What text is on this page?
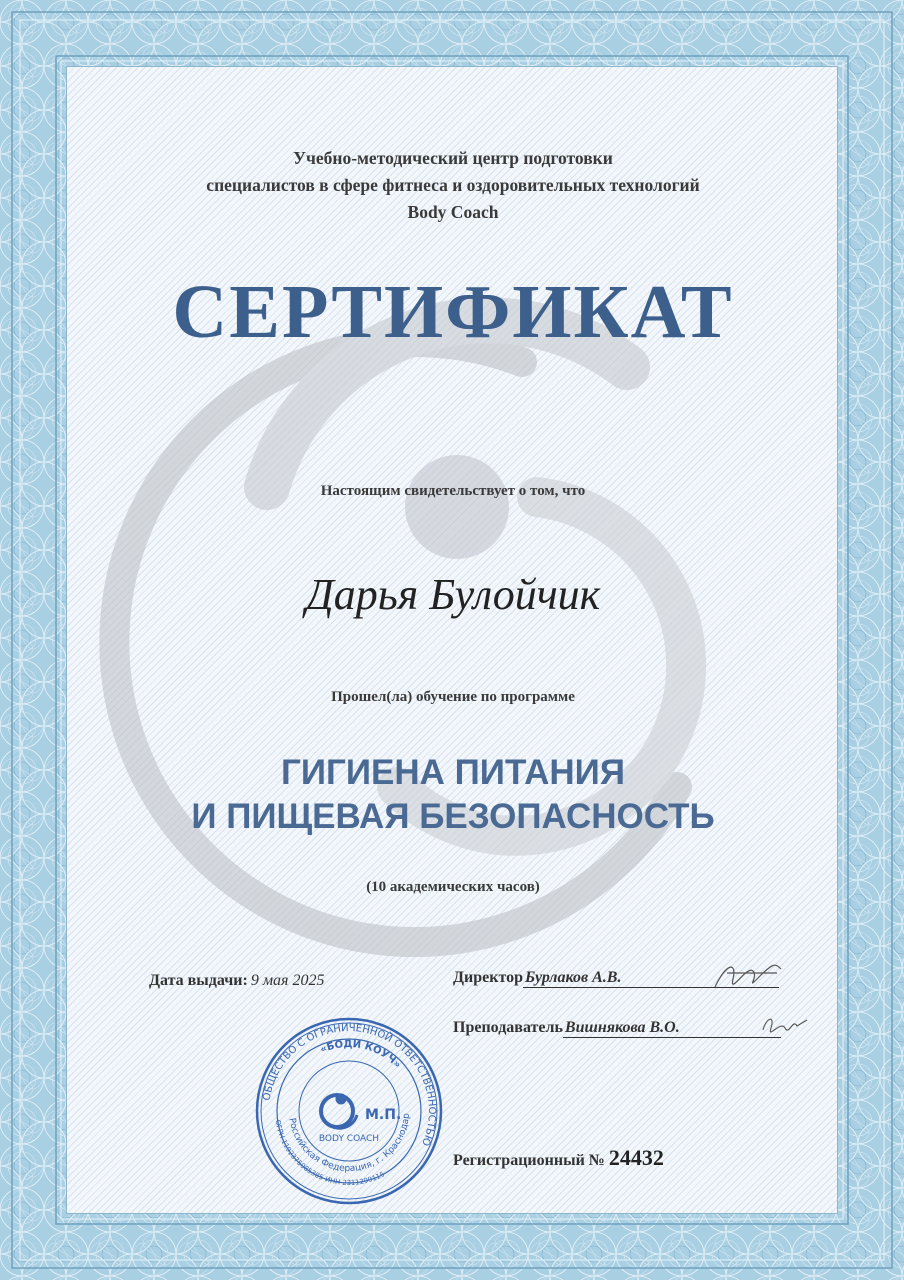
Учебно-методический центр подготовки
специалистов в сфере фитнеса и оздоровительных технологий
Body Coach
СЕРТИФИКАТ
Настоящим свидетельствует о том, что
Дарья Булойчик
Прошел(ла) обучение по программе
ГИГИЕНА ПИТАНИЯ
И ПИЩЕВАЯ БЕЗОПАСНОСТЬ
(10 академических часов)
Дата выдачи: 9 мая 2025	Директор Бурлаков А.В.
Преподаватель Вишнякова В.О.
Регистрационный № 24432
ОБЩЕСТВО С ОГРАНИЧЕННОЙ ОТВЕТСТВЕННОСТЬЮ
«БОДИ КОУЧ»
Российская Федерация, г. Краснодар
ОГРН 1192375085385 ИНН 2311299115
BODY COACH
М.П.
